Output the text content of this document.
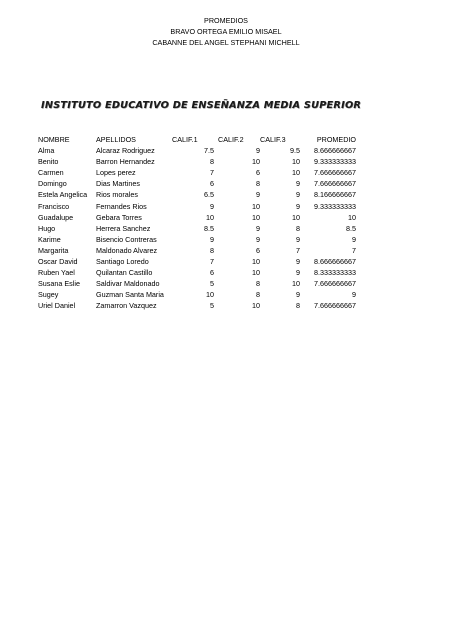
PROMEDIOS
BRAVO ORTEGA EMILIO MISAEL
CABANNE DEL ANGEL STEPHANI MICHELL
INSTITUTO EDUCATIVO DE ENSEÑANZA MEDIA SUPERIOR
NOMBRE	APELLIDOS	CALIF.1	CALIF.2	CALIF.3	PROMEDIO
Alma	Alcaraz Rodriguez	7.5	9	9.5	8.666666667
Benito	Barron Hernandez	8	10	10	9.333333333
Carmen	Lopes perez	7	6	10	7.666666667
Domingo	Dias Martines	6	8	9	7.666666667
Estela Angelica	Rios morales	6.5	9	9	8.166666667
Francisco	Fernandes Rios	9	10	9	9.333333333
Guadalupe	Gebara Torres	10	10	10	10
Hugo	Herrera Sanchez	8.5	9	8	8.5
Karime	Bisencio Contreras	9	9	9	9
Margarita	Maldonado Alvarez	8	6	7	7
Oscar David	Santiago Loredo	7	10	9	8.666666667
Ruben Yael	Quilantan Castillo	6	10	9	8.333333333
Susana Eslie	Saldivar Maldonado	5	8	10	7.666666667
Sugey	Guzman Santa Maria	10	8	9	9
Uriel Daniel	Zamarron Vazquez	5	10	8	7.666666667
